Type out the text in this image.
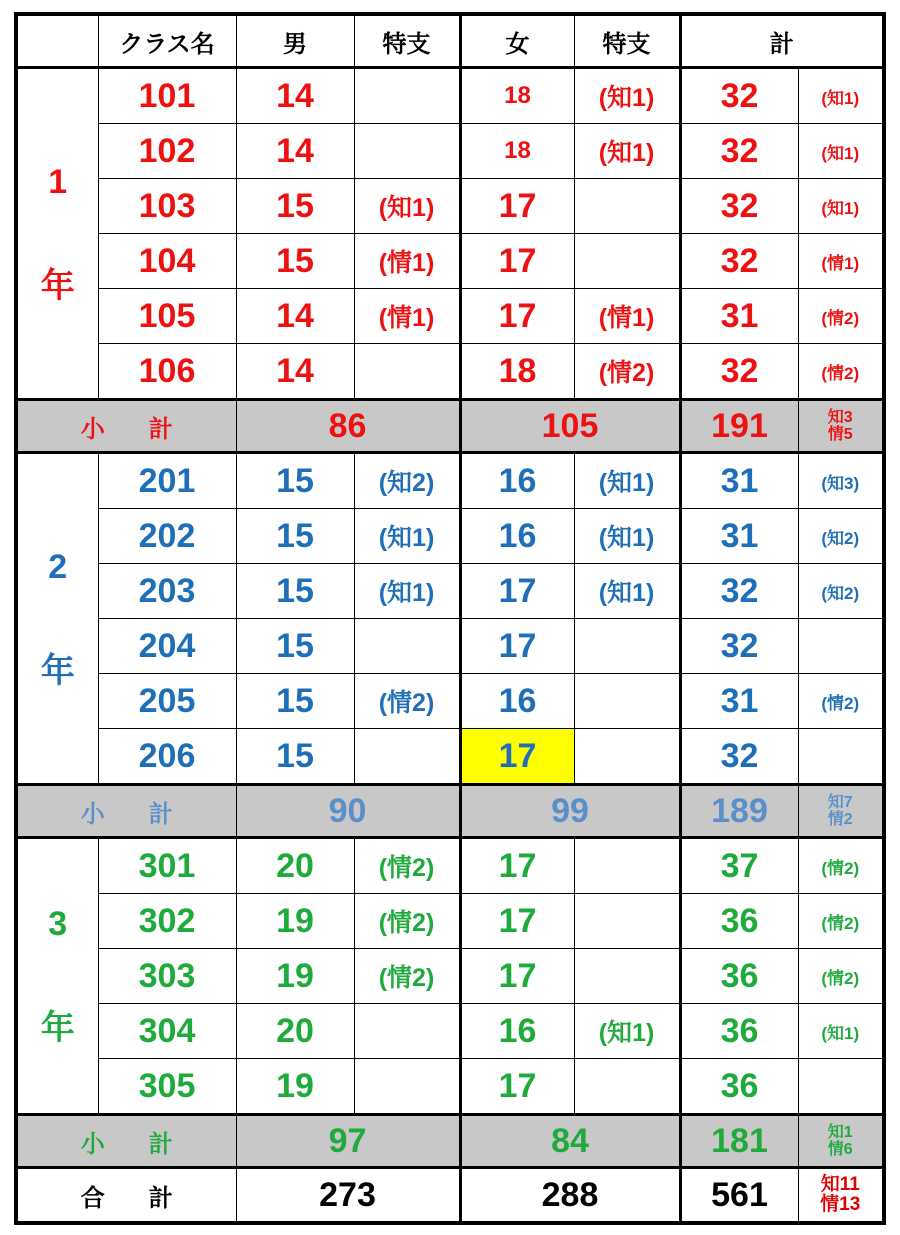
	クラス名	男	特支	女	特支	計	

1
年	101	14		18	(知1)	32	(知1)
	102	14		18	(知1)	32	(知1)
	103	15	(知1)	17		32	(知1)
	104	15	(情1)	17		32	(情1)
	105	14	(情1)	17	(情1)	31	(情2)
	106	14		18	(情2)	32	(情2)
小 計		86		105		191	知3
情5

2
年	201	15	(知2)	16	(知1)	31	(知3)
	202	15	(知1)	16	(知1)	31	(知2)
	203	15	(知1)	17	(知1)	32	(知2)
	204	15		17		32	
	205	15	(情2)	16		31	(情2)
	206	15		17		32	
小 計		90		99		189	知7
情2

3
年	301	20	(情2)	17		37	(情2)
	302	19	(情2)	17		36	(情2)
	303	19	(情2)	17		36	(情2)
	304	20		16	(知1)	36	(知1)
	305	19		17		36	
小 計		97		84		181	知1
情6

合 計		273		288		561	知11
情13
